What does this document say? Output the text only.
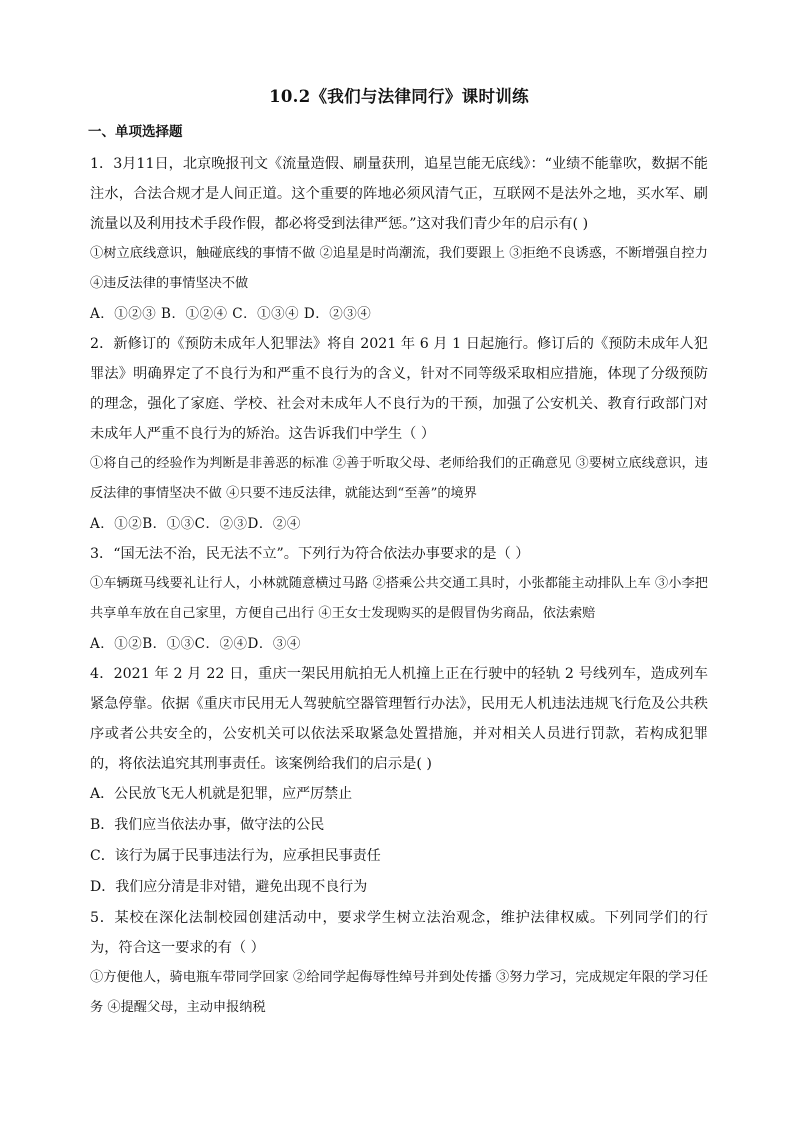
10.2《我们与法律同行》课时训练
一、单项选择题

1．3月11日，北京晚报刊文《流量造假、刷量获刑，追星岂能无底线》：“业绩不能靠吹，数据不能注水，合法合规才是人间正道。这个重要的阵地必须风清气正，互联网不是法外之地，买水军、刷流量以及利用技术手段作假，都必将受到法律严惩。”这对我们青少年的启示有( )

①树立底线意识，触碰底线的事情不做 ②追星是时尚潮流，我们要跟上 ③拒绝不良诱惑，不断增强自控力 ④违反法律的事情坚决不做

A．①②③ B．①②④ C．①③④ D．②③④

2．新修订的《预防未成年人犯罪法》将自 2021 年 6 月 1 日起施行。修订后的《预防未成年人犯罪法》明确界定了不良行为和严重不良行为的含义，针对不同等级采取相应措施，体现了分级预防的理念，强化了家庭、学校、社会对未成年人不良行为的干预，加强了公安机关、教育行政部门对未成年人严重不良行为的矫治。这告诉我们中学生（ ）

①将自己的经验作为判断是非善恶的标准 ②善于听取父母、老师给我们的正确意见 ③要树立底线意识，违反法律的事情坚决不做 ④只要不违反法律，就能达到“至善”的境界

A．①②B．①③C．②③D．②④

3．“国无法不治，民无法不立”。下列行为符合依法办事要求的是（ ）

①车辆斑马线要礼让行人，小林就随意横过马路 ②搭乘公共交通工具时，小张都能主动排队上车 ③小李把共享单车放在自己家里，方便自己出行 ④王女士发现购买的是假冒伪劣商品，依法索赔

A．①②B．①③C．②④D．③④

4．2021 年 2 月 22 日，重庆一架民用航拍无人机撞上正在行驶中的轻轨 2 号线列车，造成列车紧急停靠。依据《重庆市民用无人驾驶航空器管理暂行办法》，民用无人机违法违规飞行危及公共秩序或者公共安全的，公安机关可以依法采取紧急处置措施，并对相关人员进行罚款，若构成犯罪的，将依法追究其刑事责任。该案例给我们的启示是( )

A．公民放飞无人机就是犯罪，应严厉禁止

B．我们应当依法办事，做守法的公民

C．该行为属于民事违法行为，应承担民事责任

D．我们应分清是非对错，避免出现不良行为

5．某校在深化法制校园创建活动中，要求学生树立法治观念，维护法律权威。下列同学们的行为，符合这一要求的有（ ）

①方便他人，骑电瓶车带同学回家 ②给同学起侮辱性绰号并到处传播 ③努力学习，完成规定年限的学习任务 ④提醒父母，主动申报纳税
